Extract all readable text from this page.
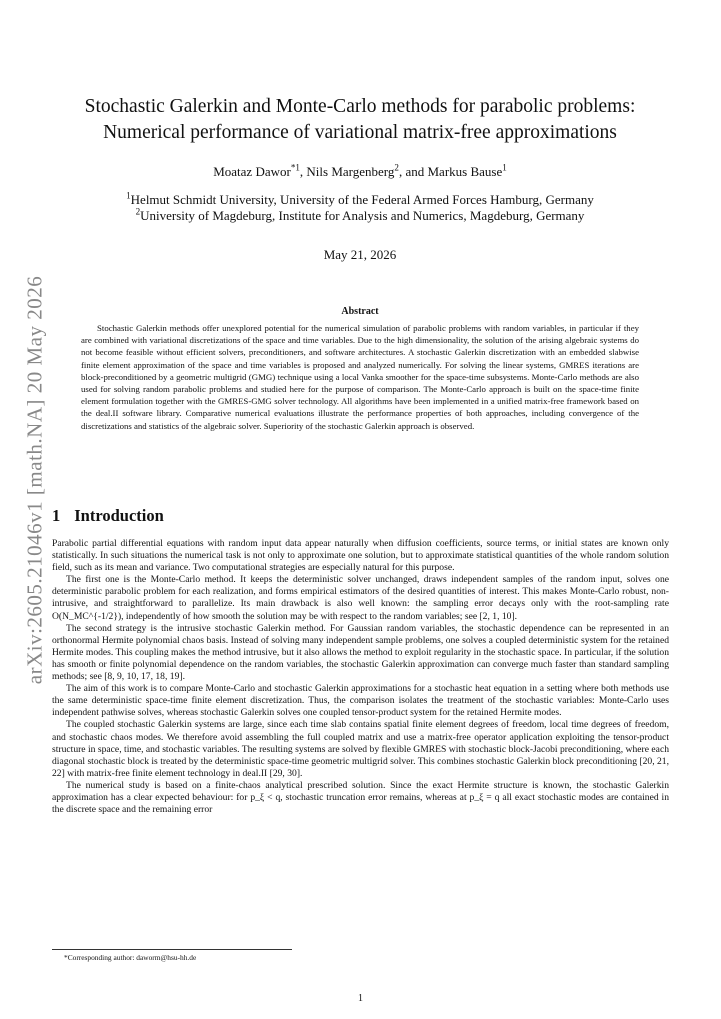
arXiv:2605.21046v1 [math.NA] 20 May 2026
Stochastic Galerkin and Monte-Carlo methods for parabolic problems:
Numerical performance of variational matrix-free approximations
Moataz Dawor$^{*1}$, Nils Margenberg$^2$, and Markus Bause$^1$
$^1$Helmut Schmidt University, University of the Federal Armed Forces Hamburg, Germany
$^2$University of Magdeburg, Institute for Analysis and Numerics, Magdeburg, Germany
May 21, 2026
Abstract
Stochastic Galerkin methods offer unexplored potential for the numerical simulation of parabolic problems with random variables, in particular if they are combined with variational discretizations of the space and time variables. Due to the high dimensionality, the solution of the arising algebraic systems do not become feasible without efficient solvers, preconditioners, and software architectures. A stochastic Galerkin discretization with an embedded slabwise finite element approximation of the space and time variables is proposed and analyzed numerically. For solving the linear systems, GMRES iterations are block-preconditioned by a geometric multigrid (GMG) technique using a local Vanka smoother for the space-time subsystems. Monte-Carlo methods are also used for solving random parabolic problems and studied here for the purpose of comparison. The Monte-Carlo approach is built on the space-time finite element formulation together with the GMRES-GMG solver technology. All algorithms have been implemented in a unified matrix-free framework based on the deal.II software library. Comparative numerical evaluations illustrate the performance properties of both approaches, including convergence of the discretizations and statistics of the algebraic solver. Superiority of the stochastic Galerkin approach is observed.
1 Introduction

Parabolic partial differential equations with random input data appear naturally when diffusion coefficients, source terms, or initial states are known only statistically. In such situations the numerical task is not only to approximate one solution, but to approximate statistical quantities of the whole random solution field, such as its mean and variance. Two computational strategies are especially natural for this purpose.

The first one is the Monte-Carlo method. It keeps the deterministic solver unchanged, draws independent samples of the random input, solves one deterministic parabolic problem for each realization, and forms empirical estimators of the desired quantities of interest. This makes Monte-Carlo robust, non-intrusive, and straightforward to parallelize. Its main drawback is also well known: the sampling error decays only with the root-sampling rate O(N_MC^{-1/2}), independently of how smooth the solution may be with respect to the random variables; see [2, 1, 10].

The second strategy is the intrusive stochastic Galerkin method. For Gaussian random variables, the stochastic dependence can be represented in an orthonormal Hermite polynomial chaos basis. Instead of solving many independent sample problems, one solves a coupled deterministic system for the retained Hermite modes. This coupling makes the method intrusive, but it also allows the method to exploit regularity in the stochastic space. In particular, if the solution has smooth or finite polynomial dependence on the random variables, the stochastic Galerkin approximation can converge much faster than standard sampling methods; see [8, 9, 10, 17, 18, 19].

The aim of this work is to compare Monte-Carlo and stochastic Galerkin approximations for a stochastic heat equation in a setting where both methods use the same deterministic space-time finite element discretization. Thus, the comparison isolates the treatment of the stochastic variables: Monte-Carlo uses independent pathwise solves, whereas stochastic Galerkin solves one coupled tensor-product system for the retained Hermite modes.

The coupled stochastic Galerkin systems are large, since each time slab contains spatial finite element degrees of freedom, local time degrees of freedom, and stochastic chaos modes. We therefore avoid assembling the full coupled matrix and use a matrix-free operator application exploiting the tensor-product structure in space, time, and stochastic variables. The resulting systems are solved by flexible GMRES with stochastic block-Jacobi preconditioning, where each diagonal stochastic block is treated by the deterministic space-time geometric multigrid solver. This combines stochastic Galerkin block preconditioning [20, 21, 22] with matrix-free finite element technology in deal.II [29, 30].

The numerical study is based on a finite-chaos analytical prescribed solution. Since the exact Hermite structure is known, the stochastic Galerkin approximation has a clear expected behaviour: for p_ξ < q, stochastic truncation error remains, whereas at p_ξ = q all exact stochastic modes are contained in the discrete space and the remaining error

*Corresponding author: daworm@hsu-hh.de
1
